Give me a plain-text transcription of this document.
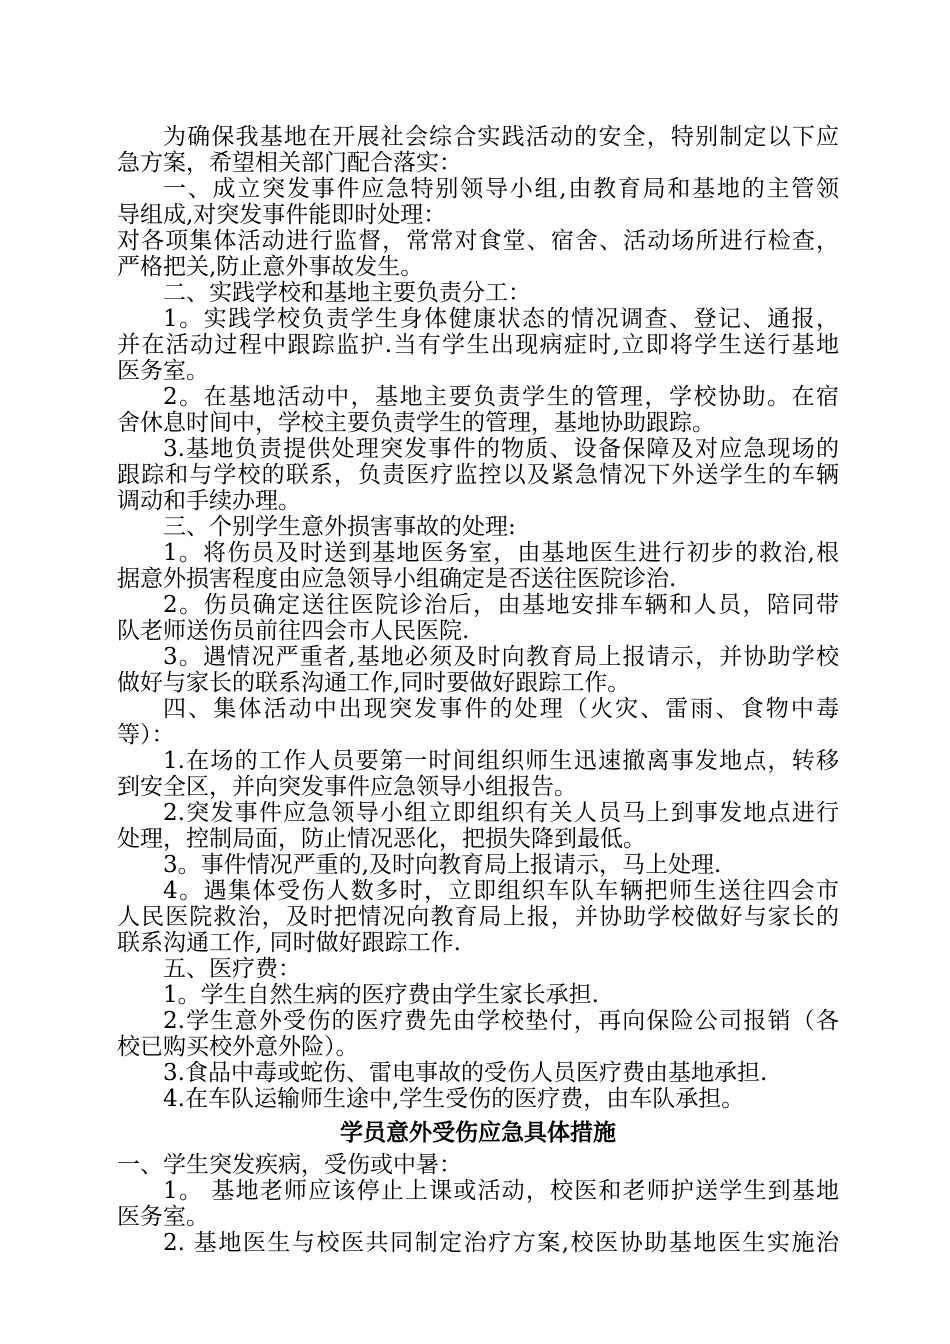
为确保我基地在开展社会综合实践活动的安全，特别制定以下应
急方案，希望相关部门配合落实：
一、成立突发事件应急特别领导小组,由教育局和基地的主管领
导组成,对突发事件能即时处理：
对各项集体活动进行监督，常常对食堂、宿舍、活动场所进行检查，
严格把关,防止意外事故发生。
二、实践学校和基地主要负责分工：
1。实践学校负责学生身体健康状态的情况调查、登记、通报，
并在活动过程中跟踪监护.当有学生出现病症时,立即将学生送行基地
医务室。
2。在基地活动中，基地主要负责学生的管理，学校协助。在宿
舍休息时间中，学校主要负责学生的管理，基地协助跟踪。
3.基地负责提供处理突发事件的物质、设备保障及对应急现场的
跟踪和与学校的联系，负责医疗监控以及紧急情况下外送学生的车辆
调动和手续办理。
三、个别学生意外损害事故的处理:
1。将伤员及时送到基地医务室，由基地医生进行初步的救治,根
据意外损害程度由应急领导小组确定是否送往医院诊治.
2。伤员确定送往医院诊治后，由基地安排车辆和人员，陪同带
队老师送伤员前往四会市人民医院.
3。遇情况严重者,基地必须及时向教育局上报请示，并协助学校
做好与家长的联系沟通工作,同时要做好跟踪工作。
四、集体活动中出现突发事件的处理（火灾、雷雨、食物中毒
等）：
1.在场的工作人员要第一时间组织师生迅速撤离事发地点，转移
到安全区，并向突发事件应急领导小组报告。
2.突发事件应急领导小组立即组织有关人员马上到事发地点进行
处理，控制局面，防止情况恶化，把损失降到最低。
3。事件情况严重的,及时向教育局上报请示，马上处理.
4。遇集体受伤人数多时，立即组织车队车辆把师生送往四会市
人民医院救治，及时把情况向教育局上报，并协助学校做好与家长的
联系沟通工作, 同时做好跟踪工作.
五、医疗费：
1。学生自然生病的医疗费由学生家长承担.
2.学生意外受伤的医疗费先由学校垫付，再向保险公司报销（各
校已购买校外意外险）。
3.食品中毒或蛇伤、雷电事故的受伤人员医疗费由基地承担.
4.在车队运输师生途中,学生受伤的医疗费，由车队承担。
学员意外受伤应急具体措施
一、学生突发疾病，受伤或中暑：
1。 基地老师应该停止上课或活动，校医和老师护送学生到基地
医务室。
2. 基地医生与校医共同制定治疗方案,校医协助基地医生实施治
